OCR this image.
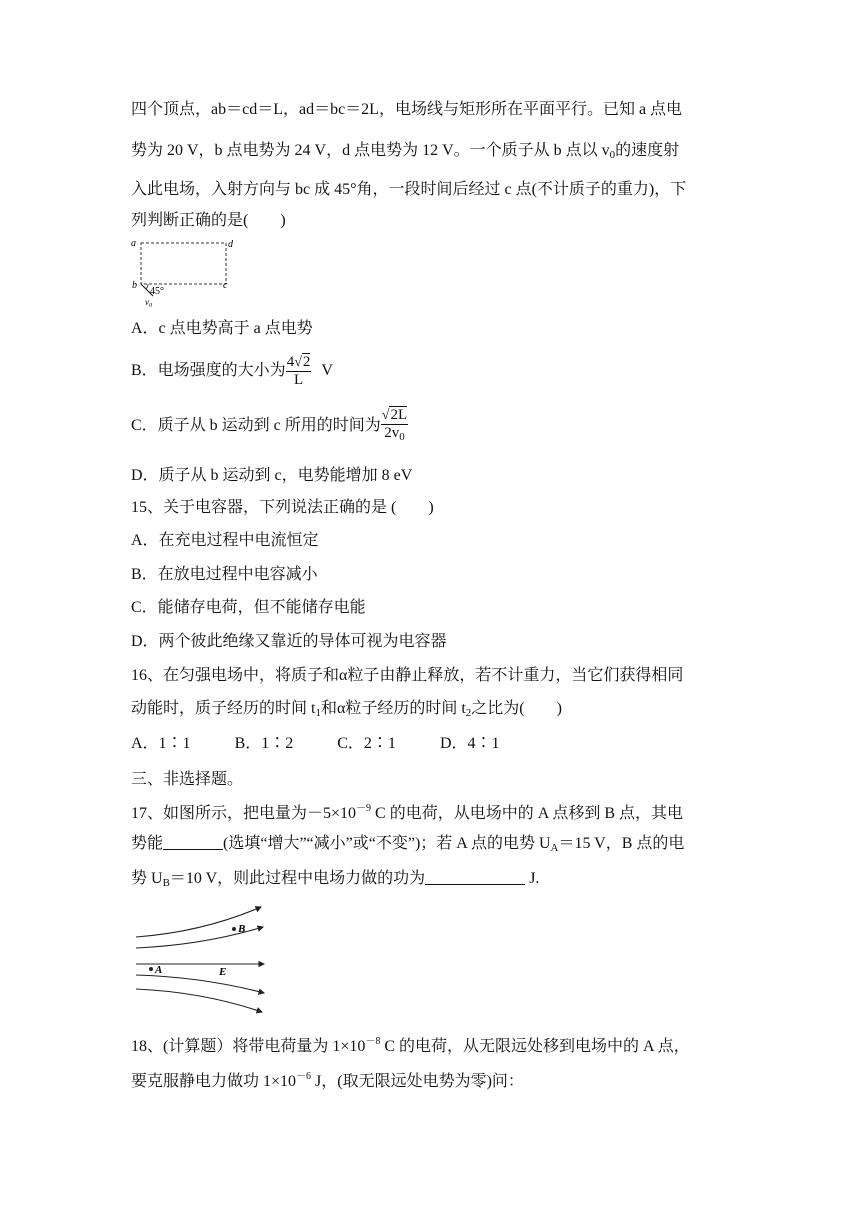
四个顶点，ab＝cd＝L，ad＝bc＝2L，电场线与矩形所在平面平行。已知 a 点电
势为 20 V，b 点电势为 24 V，d 点电势为 12 V。一个质子从 b 点以 $v_0$的速度射
入此电场，入射方向与 bc 成 45°角，一段时间后经过 c 点(不计质子的重力)，下
列判断正确的是(　　)
a	d
b	c
45°
$v_0$
A．c 点电势高于 a 点电势
B．电场强度的大小为 $\frac{4√2}{L}$ V
C．质子从 b 运动到 c 所用的时间为 $\frac{√2L}{2v_0}$
D．质子从 b 运动到 c，电势能增加 8 eV
15、关于电容器，下列说法正确的是 (　　)
A．在充电过程中电流恒定
B．在放电过程中电容减小
C．能储存电荷，但不能储存电能
D．两个彼此绝缘又靠近的导体可视为电容器
16、在匀强电场中，将质子和α粒子由静止释放，若不计重力，当它们获得相同
动能时，质子经历的时间 $t_1$和α粒子经历的时间 $t_2$之比为(　　)
A．1∶1	B．1∶2	C．2∶1	D．4∶1
三、非选择题。
17、如图所示，把电量为$-5\times 10^{-9}$ C 的电荷，从电场中的 A 点移到 B 点，其电
势能	(选填“增大”“减小”或“不变”)；若 A 点的电势 $U_A=15$ V，B 点的电
势 $U_B=10$ V，则此过程中电场力做的功为	J.
B
A	E
18、(计算题）将带电荷量为 $1\times 10^{-8}$ C 的电荷，从无限远处移到电场中的 A 点，
要克服静电力做功 $1\times 10^{-6}$ J，(取无限远处电势为零)问：
